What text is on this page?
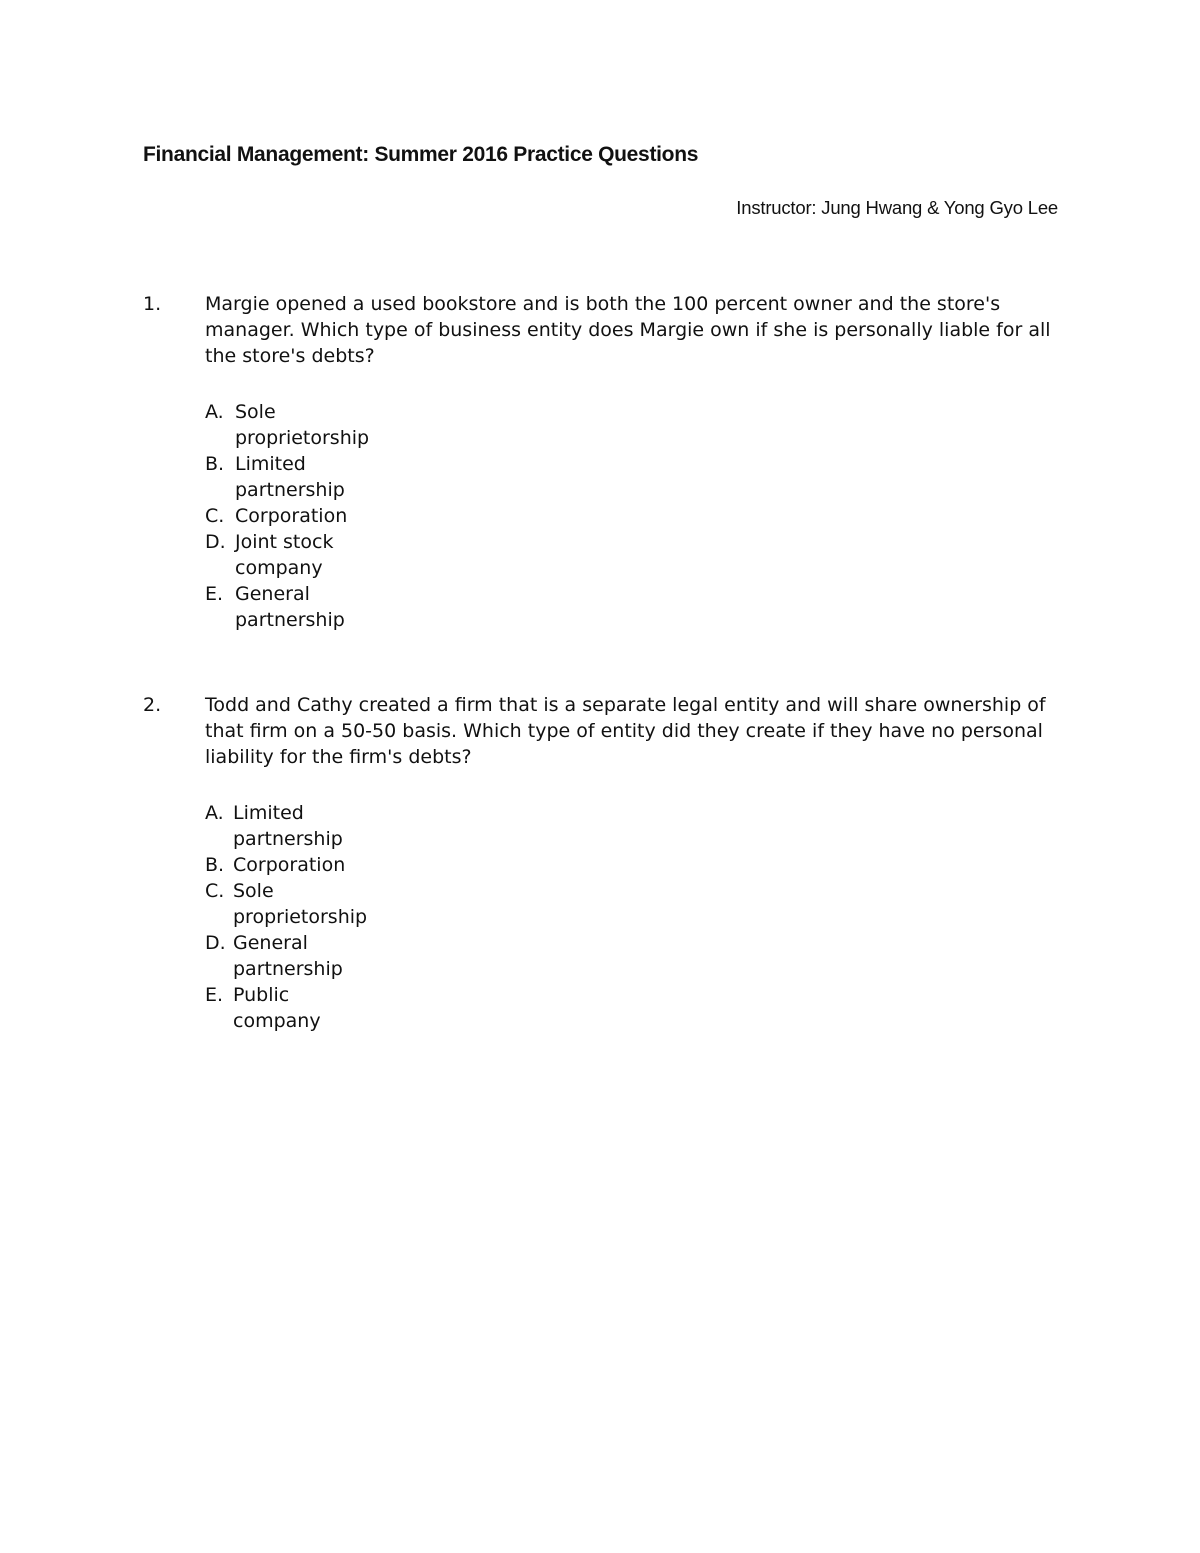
Financial Management: Summer 2016 Practice Questions
Instructor: Jung Hwang & Yong Gyo Lee
1. Margie opened a used bookstore and is both the 100 percent owner and the store's manager. Which type of business entity does Margie own if she is personally liable for all the store's debts?
A. Sole proprietorship
B. Limited partnership
C. Corporation
D. Joint stock company
E. General partnership
2. Todd and Cathy created a firm that is a separate legal entity and will share ownership of that firm on a 50-50 basis. Which type of entity did they create if they have no personal liability for the firm's debts?
A. Limited partnership
B. Corporation
C. Sole proprietorship
D. General partnership
E. Public company
